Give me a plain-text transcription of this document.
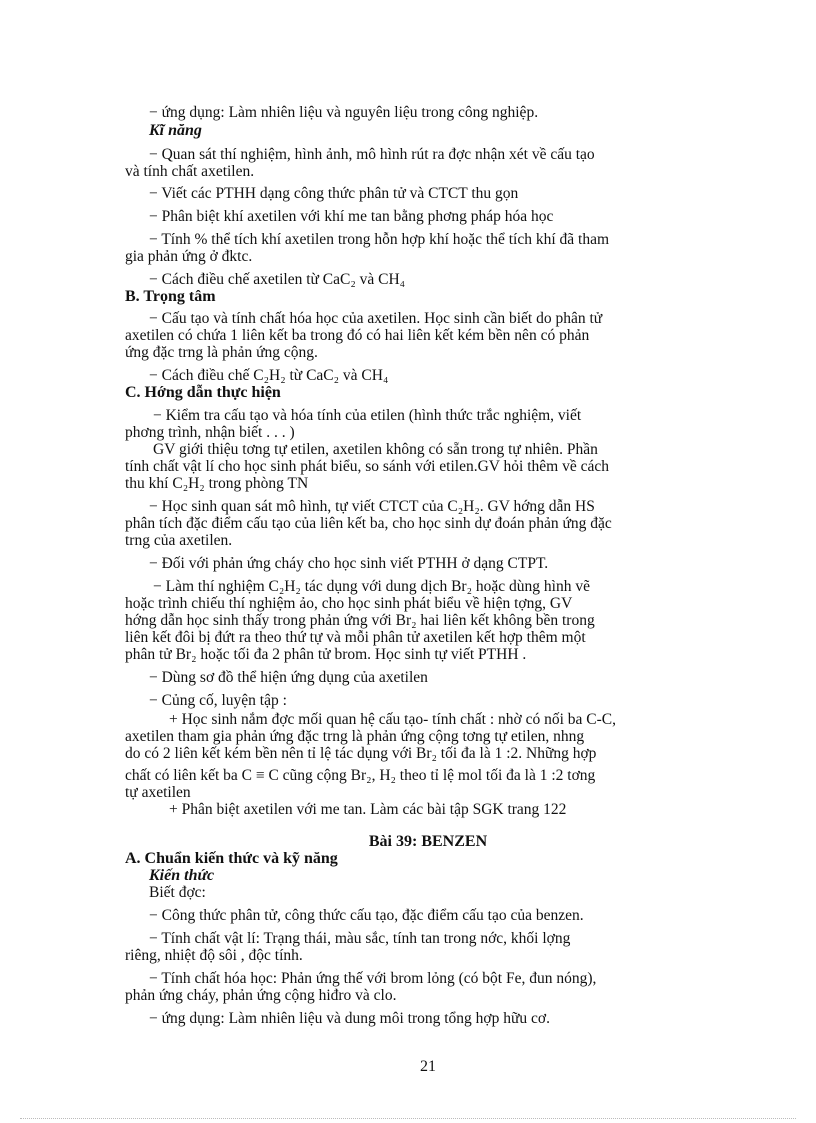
− ứng dụng: Làm nhiên liệu và nguyên liệu trong công nghiệp.
Kĩ năng
− Quan sát thí nghiệm, hình ảnh, mô hình rút ra đợc nhận xét về cấu tạo
và tính chất axetilen.
− Viết các PTHH dạng công thức phân tử và CTCT thu gọn
− Phân biệt khí axetilen với khí me tan bằng phơng pháp hóa học
− Tính % thể tích khí axetilen trong hỗn hợp khí hoặc thể tích khí đã tham
gia phản ứng ở đktc.
− Cách điều chế axetilen từ CaC₂ và CH₄
B. Trọng tâm
− Cấu tạo và tính chất hóa học của axetilen. Học sinh cần biết do phân tử
axetilen có chứa 1 liên kết ba trong đó có hai liên kết kém bền nên có phản
ứng đặc trng là phản ứng cộng.
− Cách điều chế C₂H₂ từ CaC₂ và CH₄
C. Hớng dẫn thực hiện
− Kiểm tra cấu tạo và hóa tính của etilen (hình thức trắc nghiệm, viết
phơng trình, nhận biết . . . )
GV giới thiệu tơng tự etilen, axetilen không có sẵn trong tự nhiên. Phần
tính chất vật lí cho học sinh phát biểu, so sánh với etilen.GV hỏi thêm về cách
thu khí C₂H₂ trong phòng TN
− Học sinh quan sát mô hình, tự viết CTCT của C₂H₂. GV hớng dẫn HS
phân tích đặc điểm cấu tạo của liên kết ba, cho học sinh dự đoán phản ứng đặc
trng của axetilen.
− Đối với phản ứng cháy cho học sinh viết PTHH ở dạng CTPT.
− Làm thí nghiệm C₂H₂ tác dụng với dung dịch Br₂ hoặc dùng hình vẽ
hoặc trình chiếu thí nghiệm ảo, cho học sinh phát biểu về hiện tợng, GV
hớng dẫn học sinh thấy trong phản ứng với Br₂ hai liên kết không bền trong
liên kết đôi bị đứt ra theo thứ tự và mỗi phân tử axetilen kết hợp thêm một
phân tử Br₂ hoặc tối đa 2 phân tử brom. Học sinh tự viết PTHH .
− Dùng sơ đồ thể hiện ứng dụng của axetilen
− Củng cố, luyện tập :
+ Học sinh nắm đợc mối quan hệ cấu tạo- tính chất : nhờ có nối ba C-C,
axetilen tham gia phản ứng đặc trng là phản ứng cộng tơng tự etilen, nhng
do có 2 liên kết kém bền nên tỉ lệ tác dụng với Br₂ tối đa là 1 :2. Những hợp
chất có liên kết ba C ≡ C cũng cộng Br₂, H₂ theo tỉ lệ mol tối đa là 1 :2 tơng
tự axetilen
+ Phân biệt axetilen với me tan. Làm các bài tập SGK trang 122
Bài 39: BENZEN
A. Chuẩn kiến thức và kỹ năng
Kiến thức
Biết đợc:
− Công thức phân tử, công thức cấu tạo, đặc điểm cấu tạo của benzen.
− Tính chất vật lí: Trạng thái, màu sắc, tính tan trong nớc, khối lợng
riêng, nhiệt độ sôi , độc tính.
− Tính chất hóa học: Phản ứng thế với brom lỏng (có bột Fe, đun nóng),
phản ứng cháy, phản ứng cộng hiđro và clo.
− ứng dụng: Làm nhiên liệu và dung môi trong tổng hợp hữu cơ.
21
